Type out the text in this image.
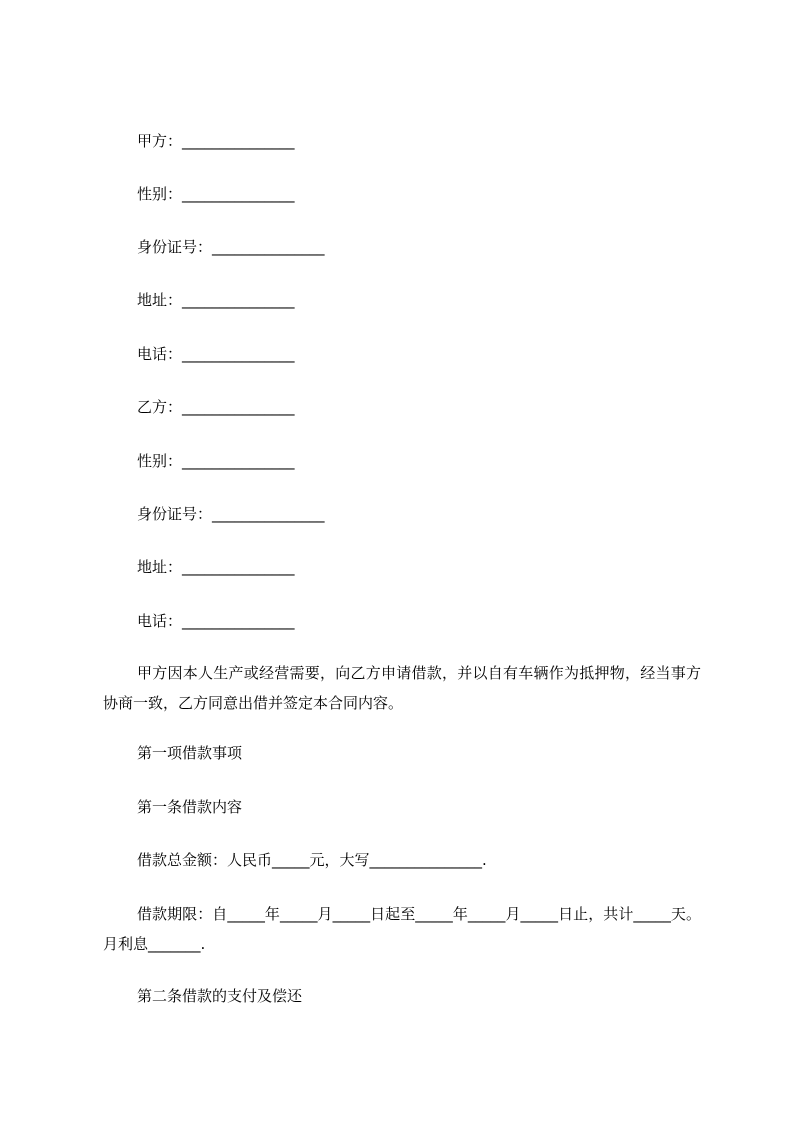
甲方：_______________
性别：_______________
身份证号：_______________
地址：_______________
电话：_______________
乙方：_______________
性别：_______________
身份证号：_______________
地址：_______________
电话：_______________
甲方因本人生产或经营需要，向乙方申请借款，并以自有车辆作为抵押物，经当事方协商一致，乙方同意出借并签定本合同内容。
第一项借款事项
第一条借款内容
借款总金额：人民币_____元，大写_______________.
借款期限：自_____年_____月_____日起至_____年_____月_____日止，共计_____天。月利息_______.
第二条借款的支付及偿还
